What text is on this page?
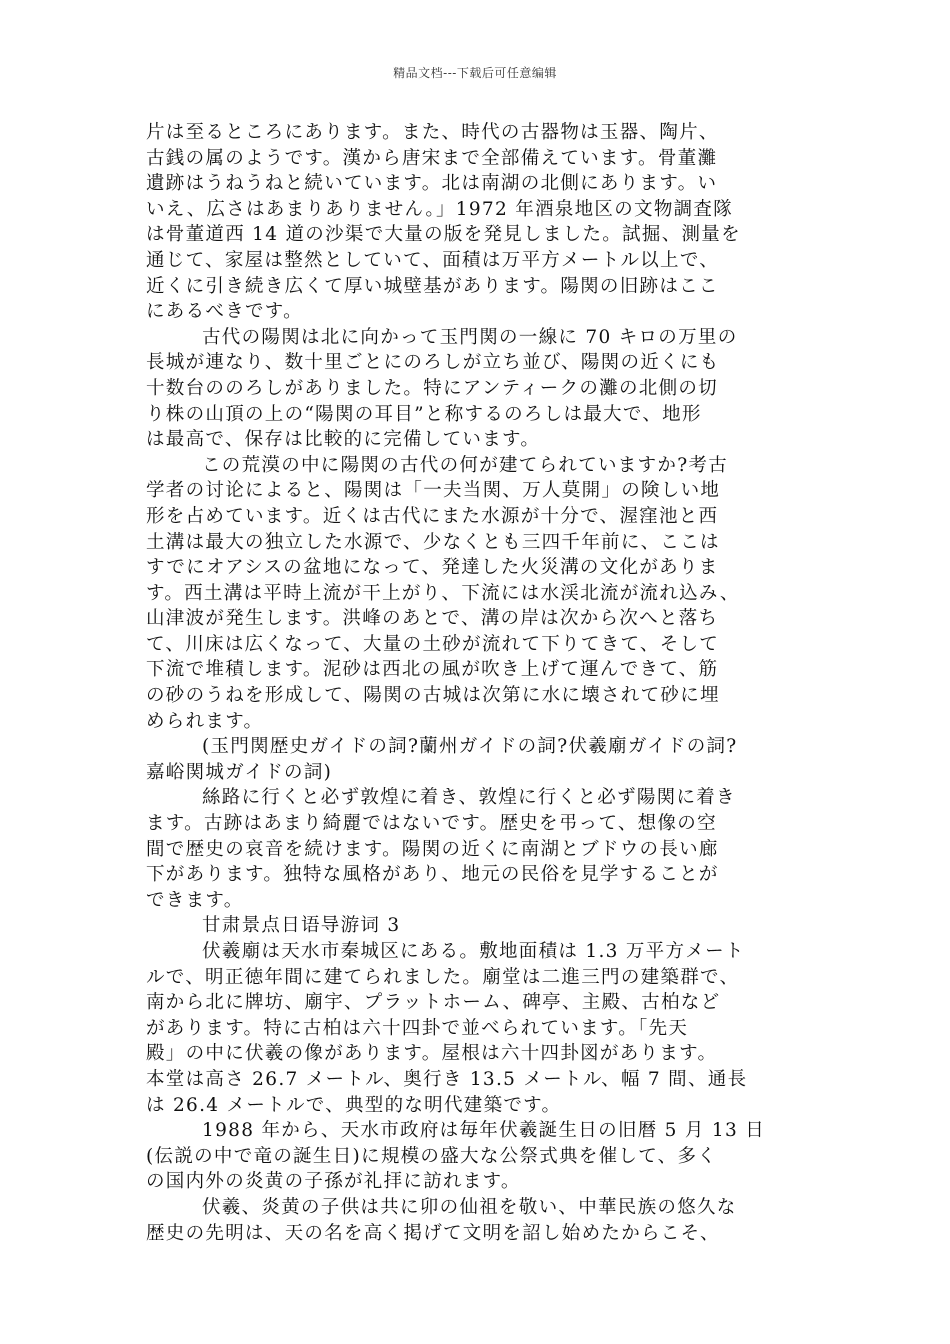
精品文档---下载后可任意编辑
片は至るところにあります。また、時代の古器物は玉器、陶片、
古銭の属のようです。漢から唐宋まで全部備えています。骨董灘
遺跡はうねうねと続いています。北は南湖の北側にあります。い
いえ、広さはあまりありません。」1972 年酒泉地区の文物調査隊
は骨董道西 14 道の沙渠で大量の版を発見しました。試掘、測量を
通じて、家屋は整然としていて、面積は万平方メートル以上で、
近くに引き続き広くて厚い城壁基があります。陽関の旧跡はここ
にあるべきです。
古代の陽関は北に向かって玉門関の一線に 70 キロの万里の
長城が連なり、数十里ごとにのろしが立ち並び、陽関の近くにも
十数台ののろしがありました。特にアンティークの灘の北側の切
り株の山頂の上の“陽関の耳目”と称するのろしは最大で、地形
は最高で、保存は比較的に完備しています。
この荒漠の中に陽関の古代の何が建てられていますか?考古
学者の讨论によると、陽関は「一夫当関、万人莫開」の険しい地
形を占めています。近くは古代にまた水源が十分で、渥窪池と西
土溝は最大の独立した水源で、少なくとも三四千年前に、ここは
すでにオアシスの盆地になって、発達した火災溝の文化がありま
す。西土溝は平時上流が干上がり、下流には水渓北流が流れ込み、
山津波が発生します。洪峰のあとで、溝の岸は次から次へと落ち
て、川床は広くなって、大量の土砂が流れて下りてきて、そして
下流で堆積します。泥砂は西北の風が吹き上げて運んできて、筋
の砂のうねを形成して、陽関の古城は次第に水に壊されて砂に埋
められます。
(玉門関歴史ガイドの詞?蘭州ガイドの詞?伏羲廟ガイドの詞?
嘉峪関城ガイドの詞)
絲路に行くと必ず敦煌に着き、敦煌に行くと必ず陽関に着き
ます。古跡はあまり綺麗ではないです。歴史を弔って、想像の空
間で歴史の哀音を続けます。陽関の近くに南湖とブドウの長い廊
下があります。独特な風格があり、地元の民俗を見学することが
できます。
甘肃景点日语导游词 3
伏羲廟は天水市秦城区にある。敷地面積は 1.3 万平方メート
ルで、明正徳年間に建てられました。廟堂は二進三門の建築群で、
南から北に牌坊、廟宇、プラットホーム、碑亭、主殿、古柏など
があります。特に古柏は六十四卦で並べられています。「先天
殿」の中に伏羲の像があります。屋根は六十四卦図があります。
本堂は高さ 26.7 メートル、奥行き 13.5 メートル、幅 7 間、通長
は 26.4 メートルで、典型的な明代建築です。
1988 年から、天水市政府は毎年伏羲誕生日の旧暦 5 月 13 日
(伝説の中で竜の誕生日)に規模の盛大な公祭式典を催して、多く
の国内外の炎黄の子孫が礼拝に訪れます。
伏羲、炎黄の子供は共に卯の仙祖を敬い、中華民族の悠久な
歴史の先明は、天の名を高く掲げて文明を詔し始めたからこそ、
